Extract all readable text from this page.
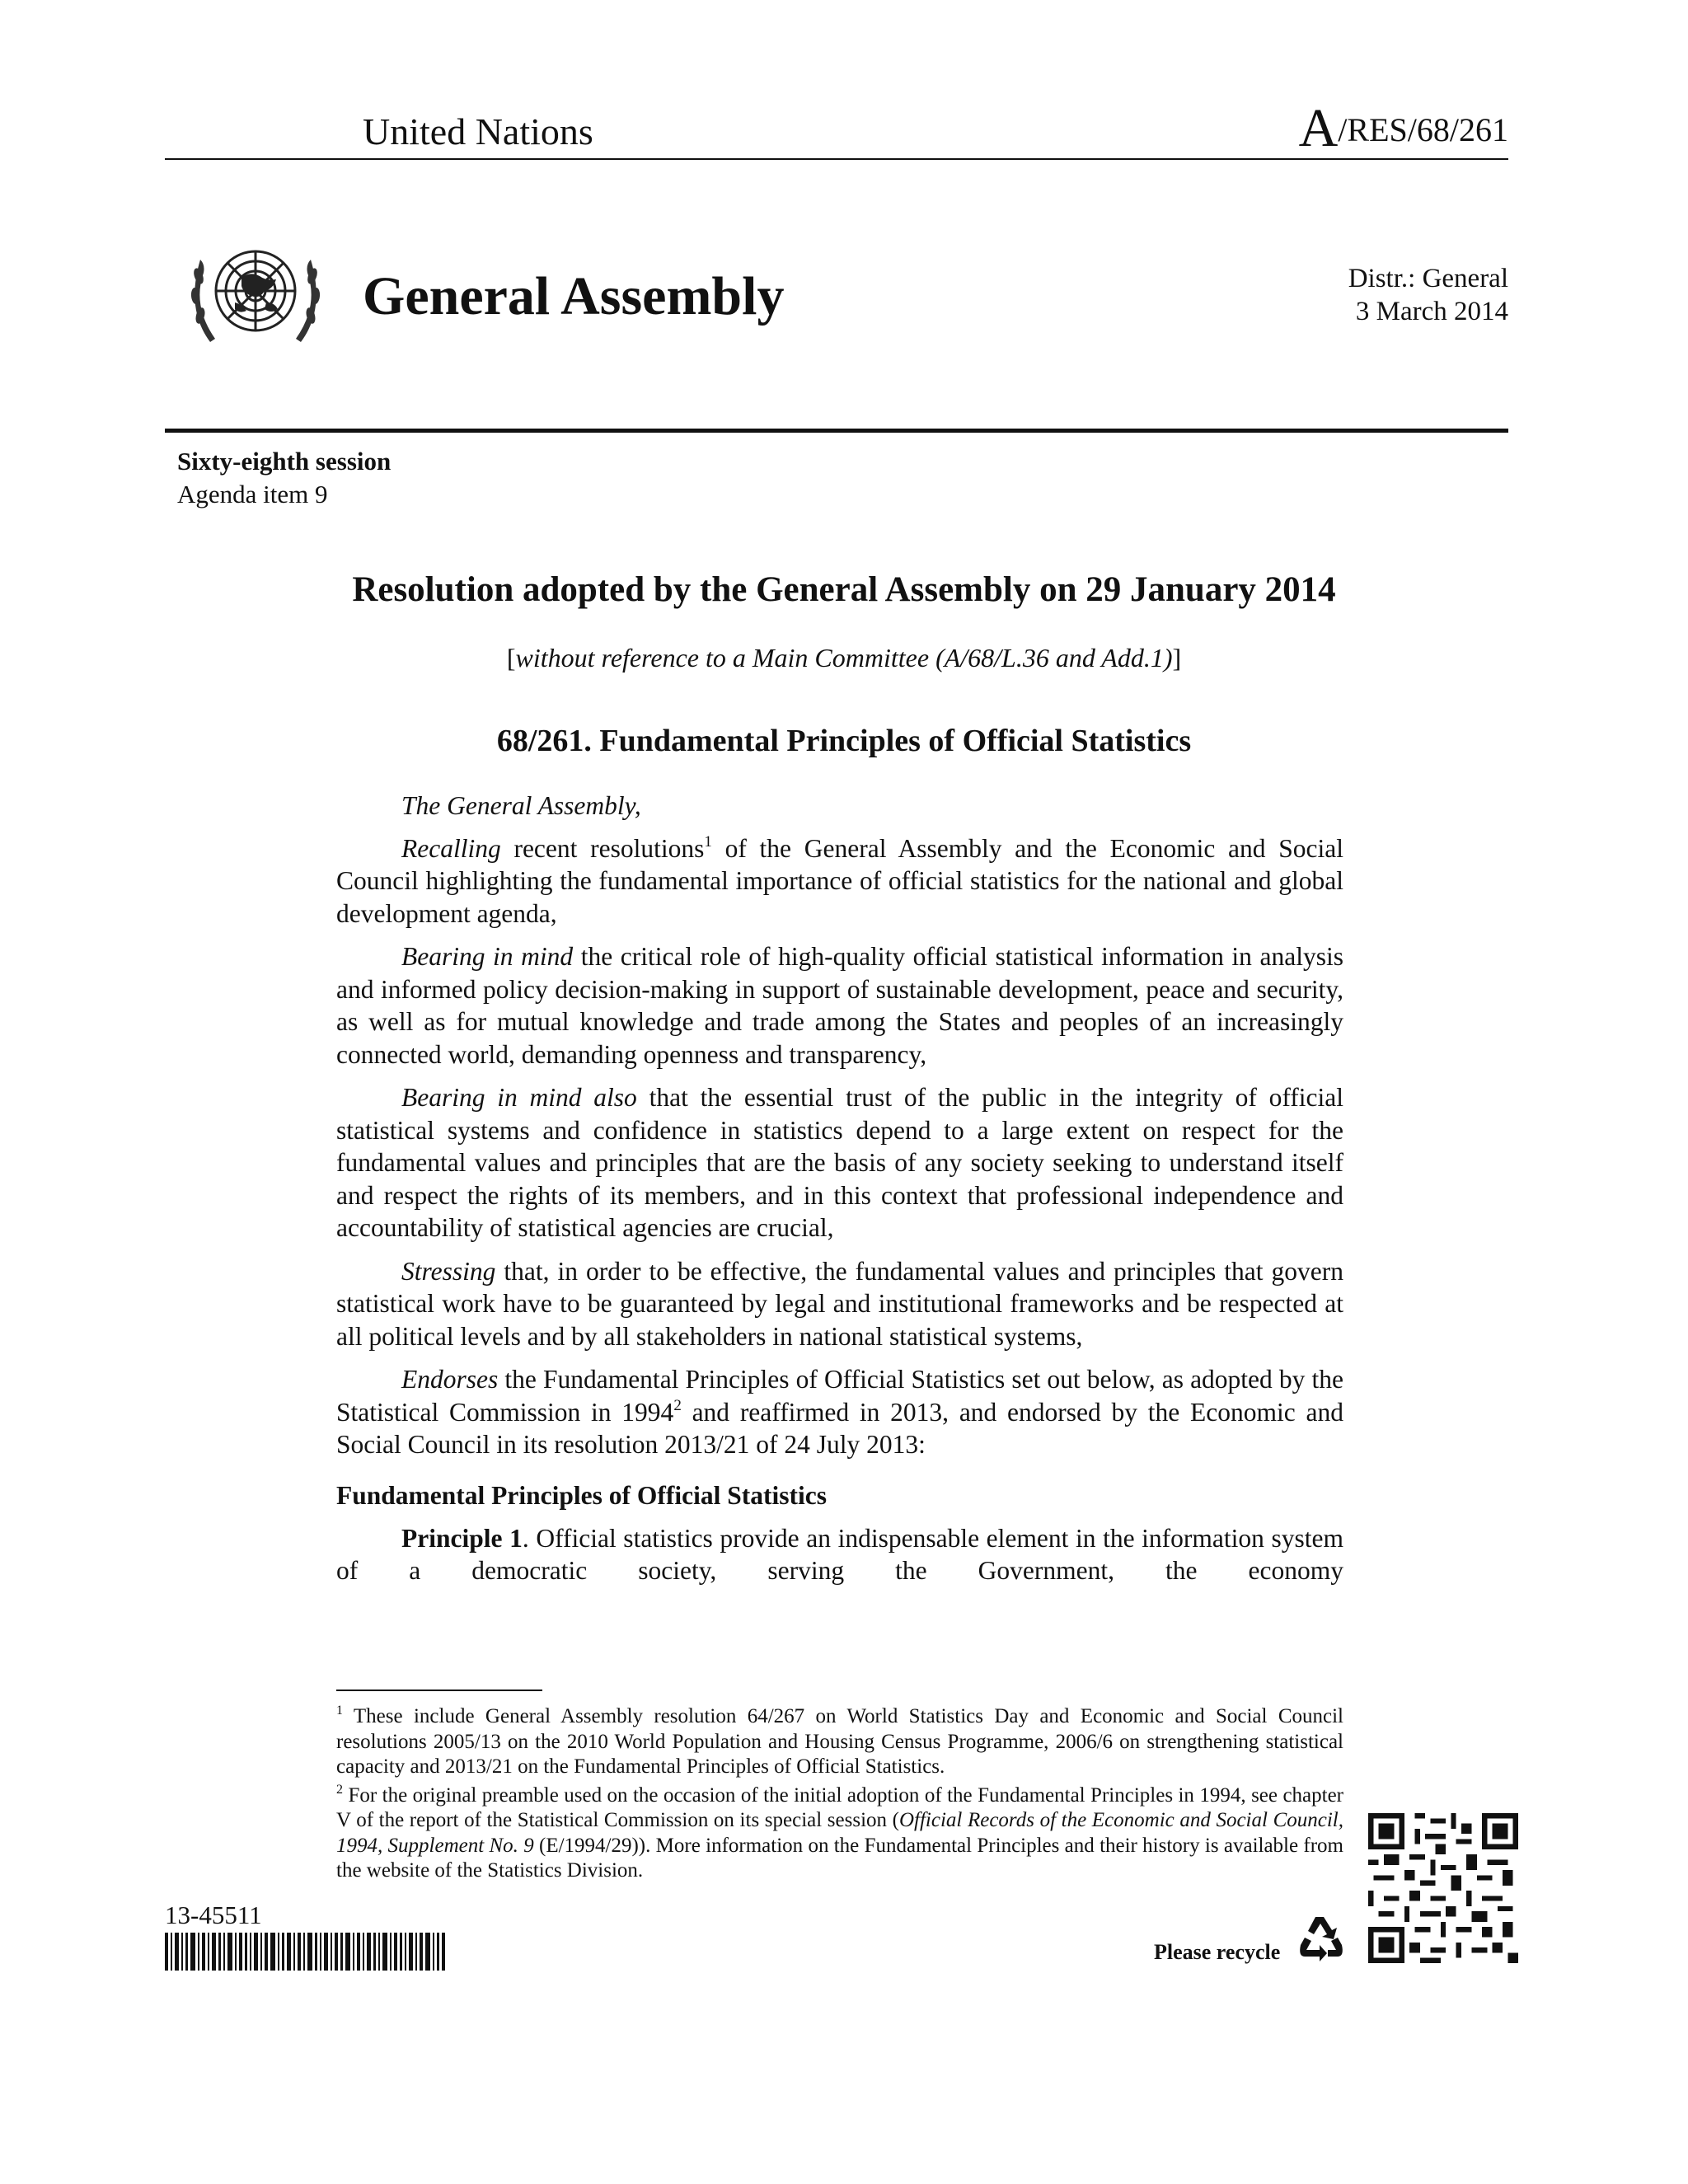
United Nations	A/RES/68/261
General Assembly	Distr.: General
3 March 2014
Sixty-eighth session
Agenda item 9
Resolution adopted by the General Assembly on 29 January 2014
[without reference to a Main Committee (A/68/L.36 and Add.1)]
68/261. Fundamental Principles of Official Statistics

The General Assembly,

Recalling recent resolutions$^1$ of the General Assembly and the Economic and Social Council highlighting the fundamental importance of official statistics for the national and global development agenda,

Bearing in mind the critical role of high-quality official statistical information in analysis and informed policy decision-making in support of sustainable development, peace and security, as well as for mutual knowledge and trade among the States and peoples of an increasingly connected world, demanding openness and transparency,

Bearing in mind also that the essential trust of the public in the integrity of official statistical systems and confidence in statistics depend to a large extent on respect for the fundamental values and principles that are the basis of any society seeking to understand itself and respect the rights of its members, and in this context that professional independence and accountability of statistical agencies are crucial,

Stressing that, in order to be effective, the fundamental values and principles that govern statistical work have to be guaranteed by legal and institutional frameworks and be respected at all political levels and by all stakeholders in national statistical systems,

Endorses the Fundamental Principles of Official Statistics set out below, as adopted by the Statistical Commission in 1994$^2$ and reaffirmed in 2013, and endorsed by the Economic and Social Council in its resolution 2013/21 of 24 July 2013:

Fundamental Principles of Official Statistics

Principle 1. Official statistics provide an indispensable element in the information system of a democratic society, serving the Government, the economy

$^1$ These include General Assembly resolution 64/267 on World Statistics Day and Economic and Social Council resolutions 2005/13 on the 2010 World Population and Housing Census Programme, 2006/6 on strengthening statistical capacity and 2013/21 on the Fundamental Principles of Official Statistics.

$^2$ For the original preamble used on the occasion of the initial adoption of the Fundamental Principles in 1994, see chapter V of the report of the Statistical Commission on its special session (Official Records of the Economic and Social Council, 1994, Supplement No. 9 (E/1994/29)). More information on the Fundamental Principles and their history is available from the website of the Statistics Division.

13-45511
Please recycle
